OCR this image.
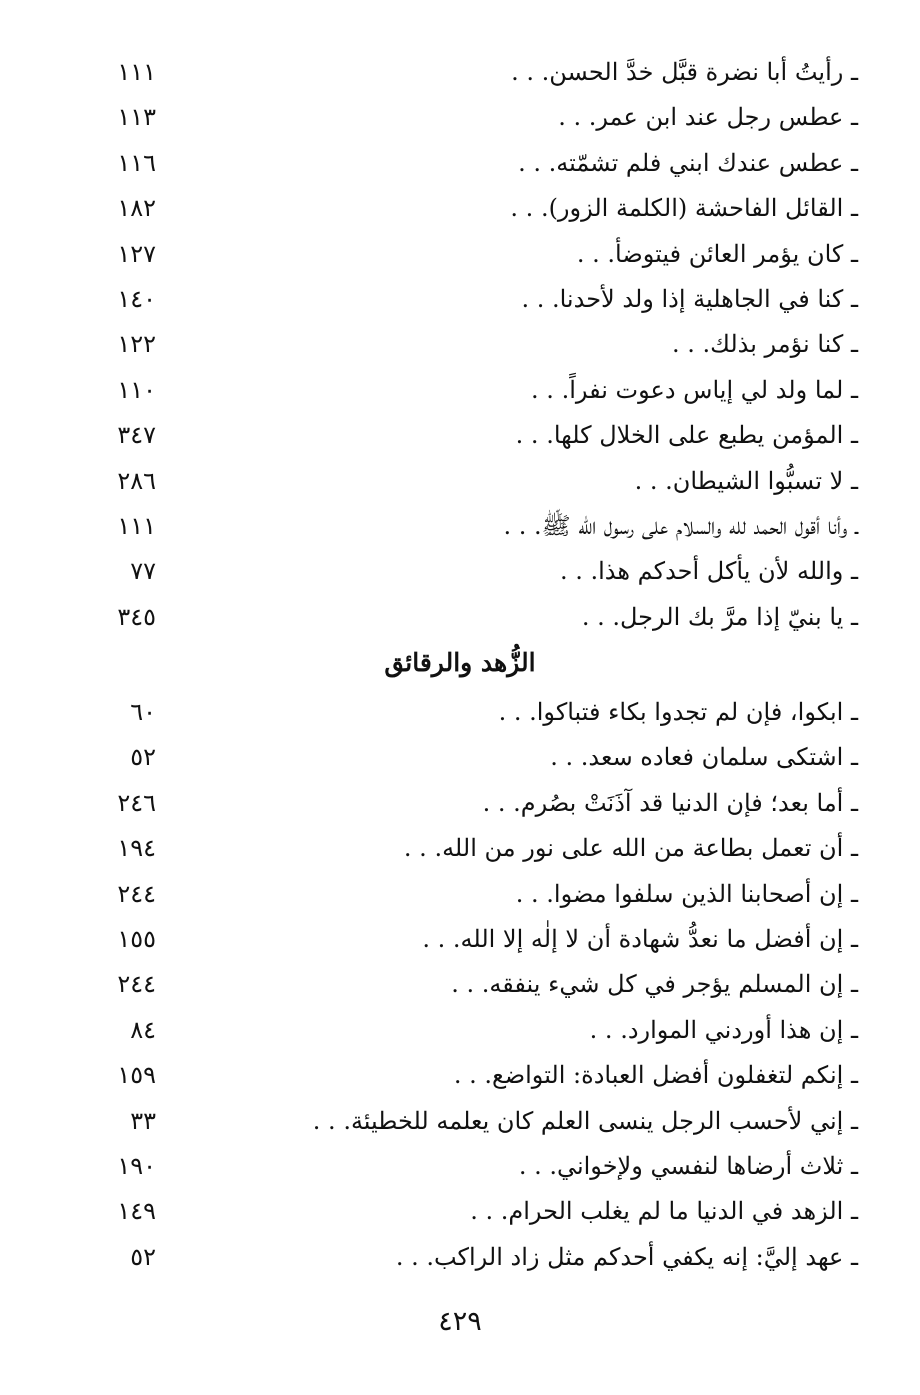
ـ رأيتُ أبا نضرة قبَّل خدَّ الحسن. . .
١١١
ـ عطس رجل عند ابن عمر. . .
١١٣
ـ عطس عندك ابني فلم تشمّته. . .
١١٦
ـ القائل الفاحشة (الكلمة الزور). . .
١٨٢
ـ كان يؤمر العائن فيتوضأ. . .
١٢٧
ـ كنا في الجاهلية إذا ولد لأحدنا. . .
١٤٠
ـ كنا نؤمر بذلك. . .
١٢٢
ـ لما ولد لي إياس دعوت نفراً. . .
١١٠
ـ المؤمن يطبع على الخلال كلها. . .
٣٤٧
ـ لا تسبُّوا الشيطان. . .
٢٨٦
ـ وأنا أقول الحمد لله والسلام على رسول الله ﷺ. . .
١١١
ـ والله لأن يأكل أحدكم هذا. . .
٧٧
ـ يا بنيّ إذا مرَّ بك الرجل. . .
٣٤٥
الزُّهد والرقائق
ـ ابكوا، فإن لم تجدوا بكاء فتباكوا. . .
٦٠
ـ اشتكى سلمان فعاده سعد. . .
٥٢
ـ أما بعد؛ فإن الدنيا قد آذَنَتْ بصُرم. . .
٢٤٦
ـ أن تعمل بطاعة من الله على نور من الله. . .
١٩٤
ـ إن أصحابنا الذين سلفوا مضوا. . .
٢٤٤
ـ إن أفضل ما نعدُّ شهادة أن لا إلٰه إلا الله. . .
١٥٥
ـ إن المسلم يؤجر في كل شيء ينفقه. . .
٢٤٤
ـ إن هذا أوردني الموارد. . .
٨٤
ـ إنكم لتغفلون أفضل العبادة: التواضع. . .
١٥٩
ـ إني لأحسب الرجل ينسى العلم كان يعلمه للخطيئة. . .
٣٣
ـ ثلاث أرضاها لنفسي ولإخواني. . .
١٩٠
ـ الزهد في الدنيا ما لم يغلب الحرام. . .
١٤٩
ـ عهد إليَّ: إنه يكفي أحدكم مثل زاد الراكب. . .
٥٢
٤٢٩
